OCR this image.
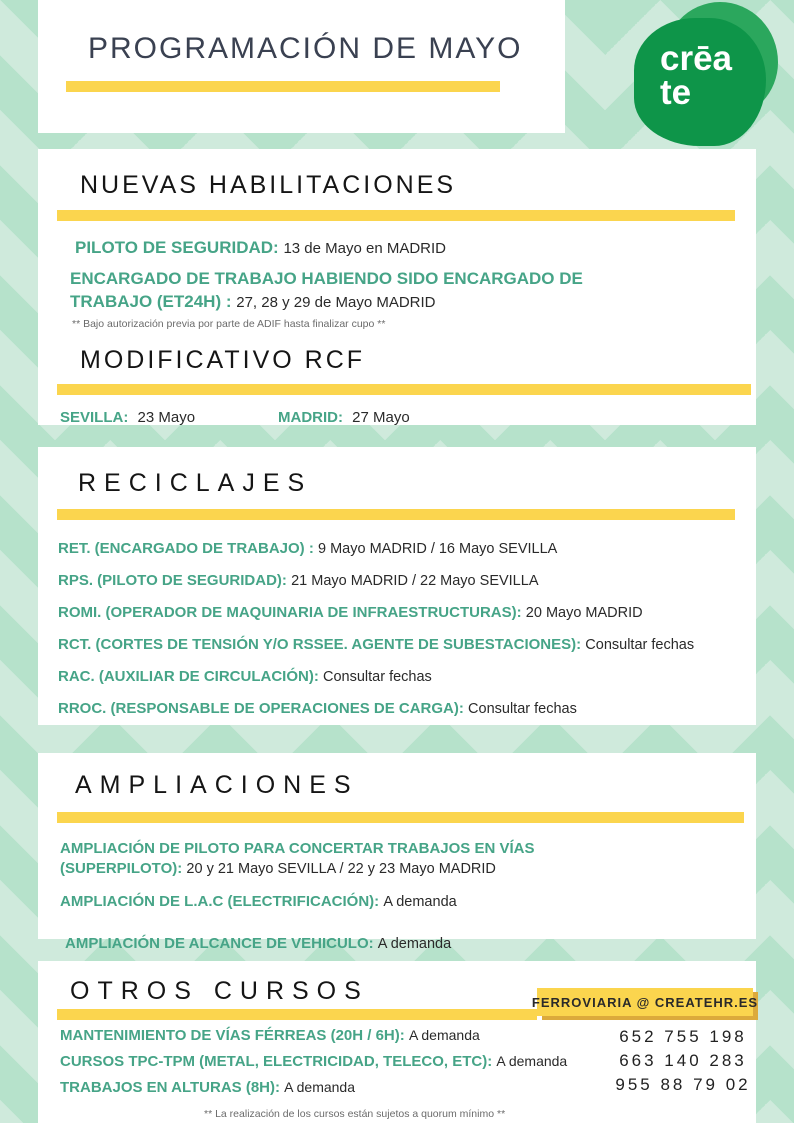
PROGRAMACIÓN DE MAYO	crēa
te
NUEVAS HABILITACIONES

PILOTO DE SEGURIDAD: 13 de Mayo en MADRID

ENCARGADO DE TRABAJO HABIENDO SIDO ENCARGADO DE TRABAJO (ET24H) : 27, 28 y 29 de Mayo MADRID

** Bajo autorización previa por parte de ADIF hasta finalizar cupo **

MODIFICATIVO RCF
SEVILLA: 23 Mayo	MADRID: 27 Mayo
RECICLAJES

RET. (ENCARGADO DE TRABAJO) : 9 Mayo MADRID / 16 Mayo SEVILLA

RPS. (PILOTO DE SEGURIDAD): 21 Mayo MADRID / 22 Mayo SEVILLA

ROMI. (OPERADOR DE MAQUINARIA DE INFRAESTRUCTURAS): 20 Mayo MADRID

RCT. (CORTES DE TENSIÓN Y/O RSSEE. AGENTE DE SUBESTACIONES): Consultar fechas

RAC. (AUXILIAR DE CIRCULACIÓN): Consultar fechas

RROC. (RESPONSABLE DE OPERACIONES DE CARGA): Consultar fechas

AMPLIACIONES

AMPLIACIÓN DE PILOTO PARA CONCERTAR TRABAJOS EN VÍAS (SUPERPILOTO): 20 y 21 Mayo SEVILLA / 22 y 23 Mayo MADRID

AMPLIACIÓN DE L.A.C (ELECTRIFICACIÓN): A demanda

AMPLIACIÓN DE ALCANCE DE VEHICULO: A demanda

OTROS CURSOS	FERROVIARIA @ CREATEHR.ES

MANTENIMIENTO DE VÍAS FÉRREAS (20H / 6H): A demanda

CURSOS TPC-TPM (METAL, ELECTRICIDAD, TELECO, ETC): A demanda

TRABAJOS EN ALTURAS (8H): A demanda

652 755 198
663 140 283
955 88 79 02

** La realización de los cursos están sujetos a quorum mínimo **
